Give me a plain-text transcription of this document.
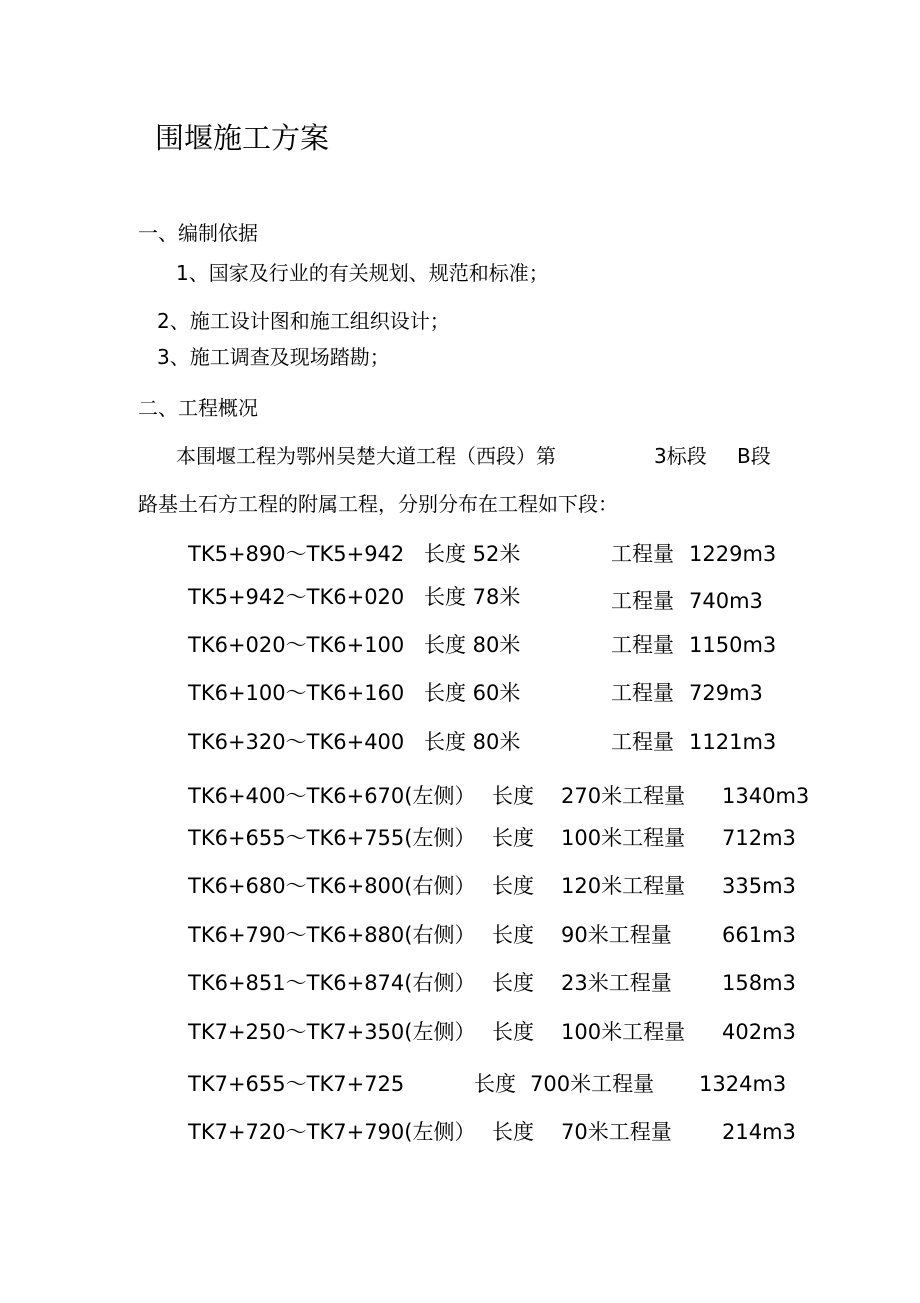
围堰施工方案
一、编制依据
1、国家及行业的有关规划、规范和标准；
2、施工设计图和施工组织设计；
3、施工调查及现场踏勘；
二、工程概况
本围堰工程为鄂州吴楚大道工程（西段）第	3标段 B段
路基土石方工程的附属工程，分别分布在工程如下段：
TK5+890～TK5+942 长度 52米	工程量 1229m3
TK5+942～TK6+020 长度 78米	工程量 740m3
TK6+020～TK6+100 长度 80米	工程量 1150m3
TK6+100～TK6+160 长度 60米	工程量 729m3
TK6+320～TK6+400 长度 80米	工程量 1121m3
TK6+400～TK6+670(左侧） 长度 270米工程量 1340m3
TK6+655～TK6+755(左侧） 长度 100米工程量 712m3
TK6+680～TK6+800(右侧） 长度 120米工程量 335m3
TK6+790～TK6+880(右侧） 长度 90米工程量 661m3
TK6+851～TK6+874(右侧） 长度 23米工程量 158m3
TK7+250～TK7+350(左侧） 长度 100米工程量 402m3
TK7+655～TK7+725	长度 700米工程量 1324m3
TK7+720～TK7+790(左侧） 长度 70米工程量 214m3
